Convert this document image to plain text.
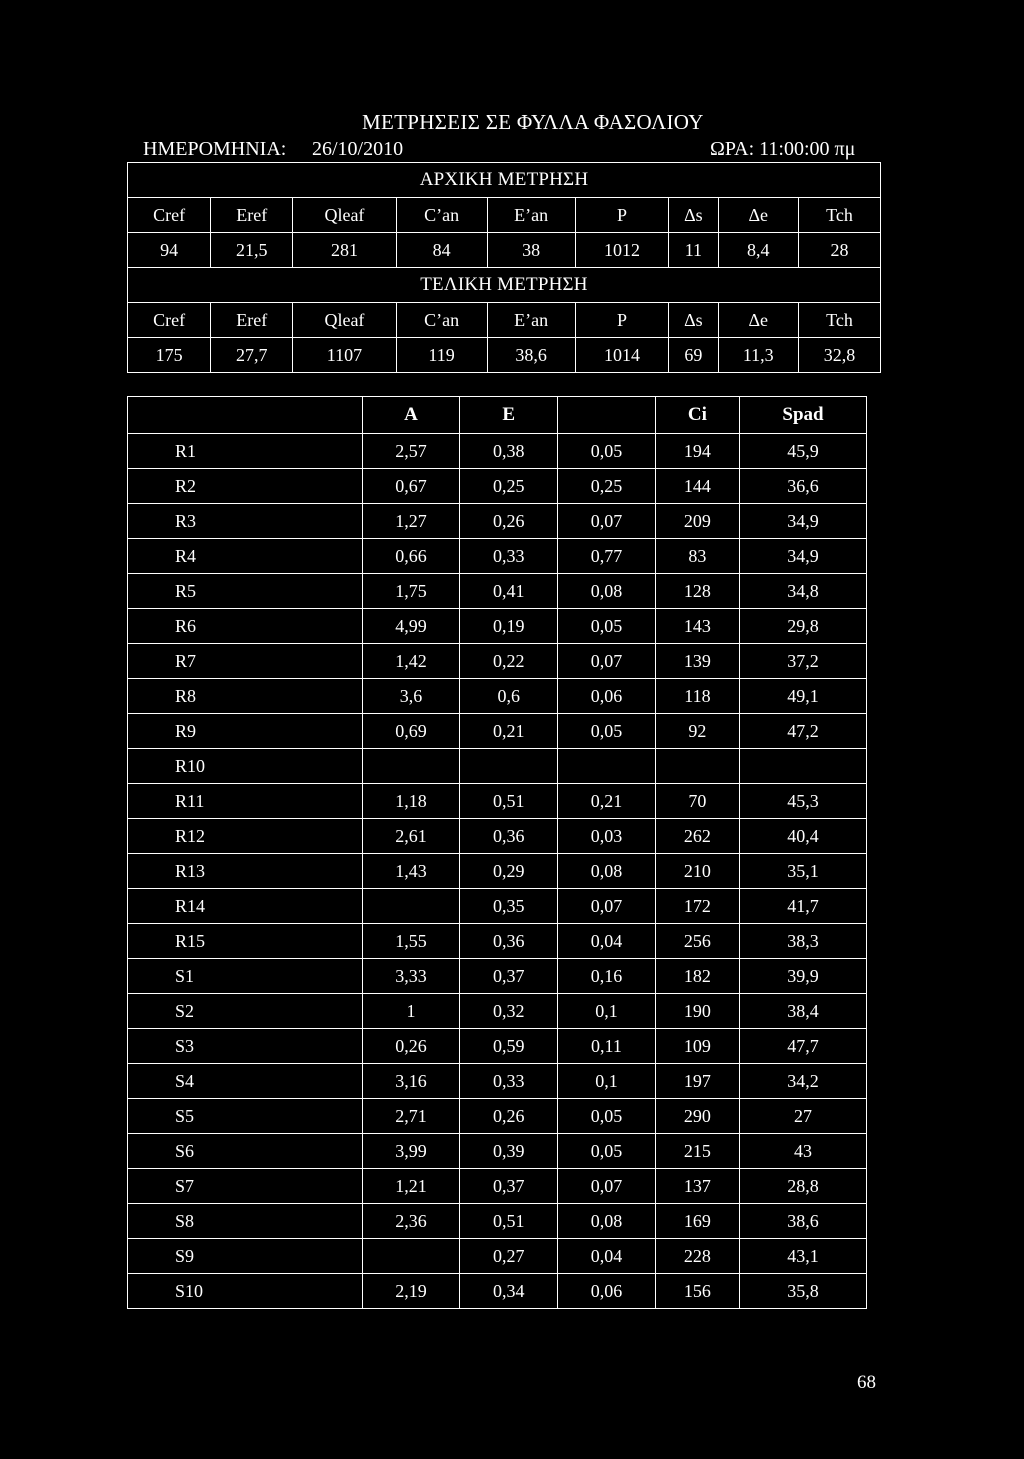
ΜΕΤΡΗΣΕΙΣ ΣΕ ΦΥΛΛΑ ΦΑΣΟΛΙΟΥ
ΗΜΕΡΟΜΗΝΙΑ: 26/10/2010	ΩΡΑ: 11:00:00 πμ
ΑΡΧΙΚΗ ΜΕΤΡΗΣΗ								
Cref	Eref	Qleaf	C’an	E’an	P	Δs	Δe	Tch
94	21,5	281	84	38	1012	11	8,4	28
ΤΕΛΙΚΗ ΜΕΤΡΗΣΗ								
Cref	Eref	Qleaf	C’an	E’an	P	Δs	Δe	Tch
175	27,7	1107	119	38,6	1014	69	11,3	32,8
	A	E		Ci	Spad
R1	2,57	0,38	0,05	194	45,9
R2	0,67	0,25	0,25	144	36,6
R3	1,27	0,26	0,07	209	34,9
R4	0,66	0,33	0,77	83	34,9
R5	1,75	0,41	0,08	128	34,8
R6	4,99	0,19	0,05	143	29,8
R7	1,42	0,22	0,07	139	37,2
R8	3,6	0,6	0,06	118	49,1
R9	0,69	0,21	0,05	92	47,2
R10					
R11	1,18	0,51	0,21	70	45,3
R12	2,61	0,36	0,03	262	40,4
R13	1,43	0,29	0,08	210	35,1
R14		0,35	0,07	172	41,7
R15	1,55	0,36	0,04	256	38,3
S1	3,33	0,37	0,16	182	39,9
S2	1	0,32	0,1	190	38,4
S3	0,26	0,59	0,11	109	47,7
S4	3,16	0,33	0,1	197	34,2
S5	2,71	0,26	0,05	290	27
S6	3,99	0,39	0,05	215	43
S7	1,21	0,37	0,07	137	28,8
S8	2,36	0,51	0,08	169	38,6
S9		0,27	0,04	228	43,1
S10	2,19	0,34	0,06	156	35,8
68
